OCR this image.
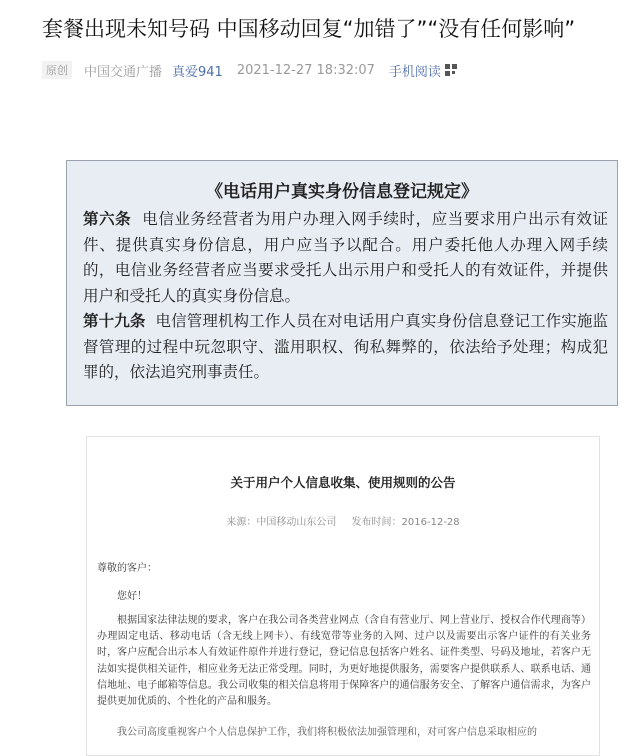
套餐出现未知号码 中国移动回复“加错了”“没有任何影响”
原创	中国交通广播 真爱941 2021-12-27 18:32:07 手机阅读
《电话用户真实身份信息登记规定》

第六条 电信业务经营者为用户办理入网手续时，应当要求用户出示有效证件、提供真实身份信息，用户应当予以配合。用户委托他人办理入网手续的，电信业务经营者应当要求受托人出示用户和受托人的有效证件，并提供用户和受托人的真实身份信息。

第十九条 电信管理机构工作人员在对电话用户真实身份信息登记工作实施监督管理的过程中玩忽职守、滥用职权、徇私舞弊的，依法给予处理；构成犯罪的，依法追究刑事责任。

关于用户个人信息收集、使用规则的公告
来源：中国移动山东公司 发布时间：2016-12-28
尊敬的客户：
您好！

根据国家法律法规的要求，客户在我公司各类营业网点（含自有营业厅、网上营业厅、授权合作代理商等）办理固定电话、移动电话（含无线上网卡）、有线宽带等业务的入网、过户以及需要出示客户证件的有关业务时，客户应配合出示本人有效证件原件并进行登记，登记信息包括客户姓名、证件类型、号码及地址，若客户无法如实提供相关证件，相应业务无法正常受理。同时，为更好地提供服务，需要客户提供联系人、联系电话、通信地址、电子邮箱等信息。我公司收集的相关信息将用于保障客户的通信服务安全、了解客户通信需求，为客户提供更加优质的、个性化的产品和服务。

我公司高度重视客户个人信息保护工作，我们将积极依法加强管理和，对可客户信息采取相应的
